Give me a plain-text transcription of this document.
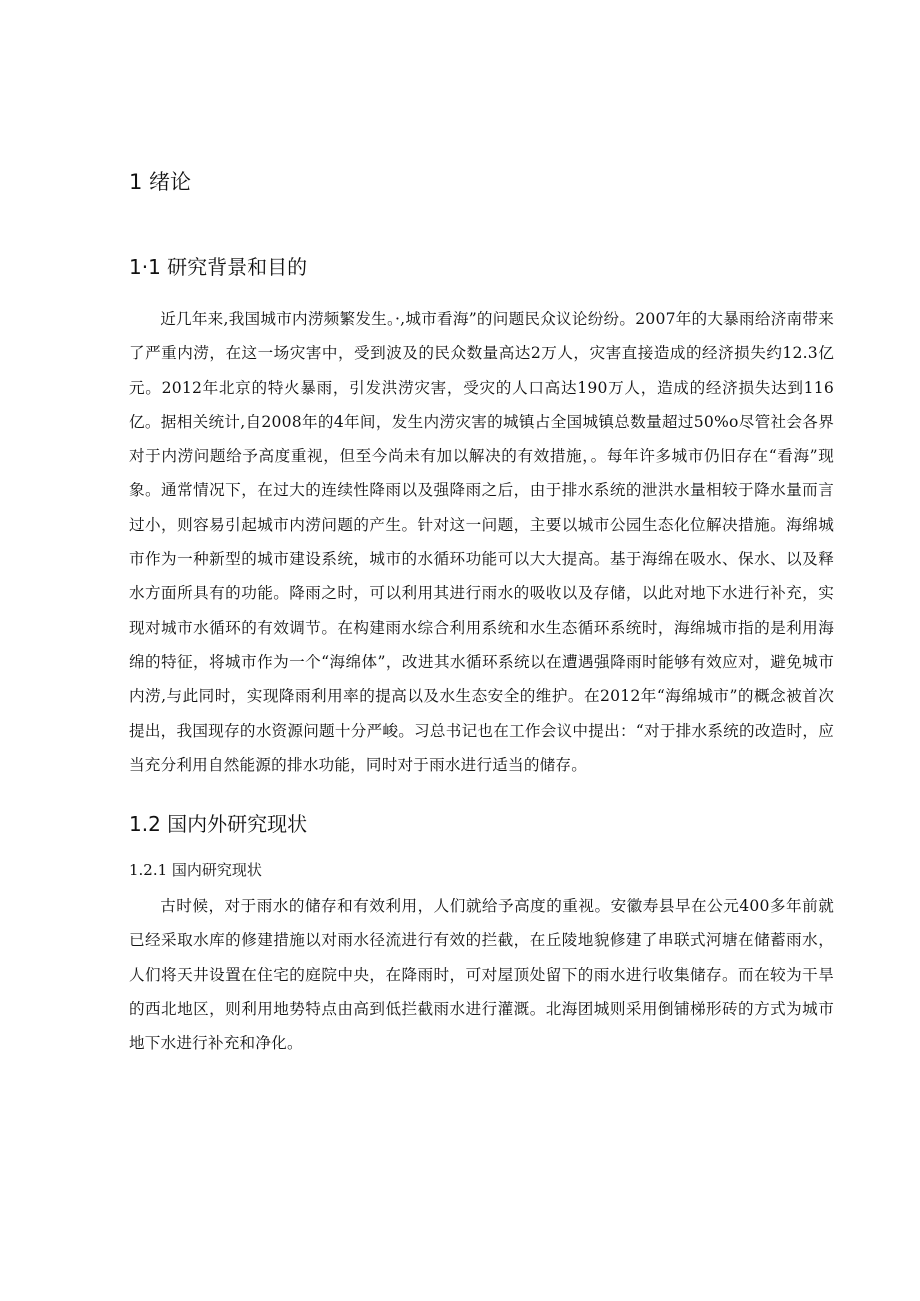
1 绪论
1·1 研究背景和目的

近几年来,我国城市内涝频繁发生。·,城市看海”的问题民众议论纷纷。2007年的大暴雨给济南带来了严重内涝，在这一场灾害中，受到波及的民众数量高达2万人，灾害直接造成的经济损失约12.3亿元。2012年北京的特火暴雨，引发洪涝灾害，受灾的人口高达190万人，造成的经济损失达到116亿。据相关统计,自2008年的4年间，发生内涝灾害的城镇占全国城镇总数量超过50%o尽管社会各界对于内涝问题给予高度重视，但至今尚未有加以解决的有效措施，。每年许多城市仍旧存在“看海”现象。通常情况下，在过大的连续性降雨以及强降雨之后，由于排水系统的泄洪水量相较于降水量而言过小，则容易引起城市内涝问题的产生。针对这一问题，主要以城市公园生态化位解决措施。海绵城市作为一种新型的城市建设系统，城市的水循环功能可以大大提高。基于海绵在吸水、保水、以及释水方面所具有的功能。降雨之时，可以利用其进行雨水的吸收以及存储，以此对地下水进行补充，实现对城市水循环的有效调节。在构建雨水综合利用系统和水生态循环系统时，海绵城市指的是利用海绵的特征，将城市作为一个“海绵体”，改进其水循环系统以在遭遇强降雨时能够有效应对，避免城市内涝,与此同时，实现降雨利用率的提高以及水生态安全的维护。在2012年“海绵城市”的概念被首次提出，我国现存的水资源问题十分严峻。习总书记也在工作会议中提出：“对于排水系统的改造时，应当充分利用自然能源的排水功能，同时对于雨水进行适当的储存。

1.2 国内外研究现状
1.2.1 国内研究现状

古时候，对于雨水的储存和有效利用，人们就给予高度的重视。安徽寿县早在公元400多年前就已经采取水库的修建措施以对雨水径流进行有效的拦截，在丘陵地貌修建了串联式河塘在储蓄雨水，人们将天井设置在住宅的庭院中央，在降雨时，可对屋顶处留下的雨水进行收集储存。而在较为干旱的西北地区，则利用地势特点由高到低拦截雨水进行灌溉。北海团城则采用倒铺梯形砖的方式为城市地下水进行补充和净化。
